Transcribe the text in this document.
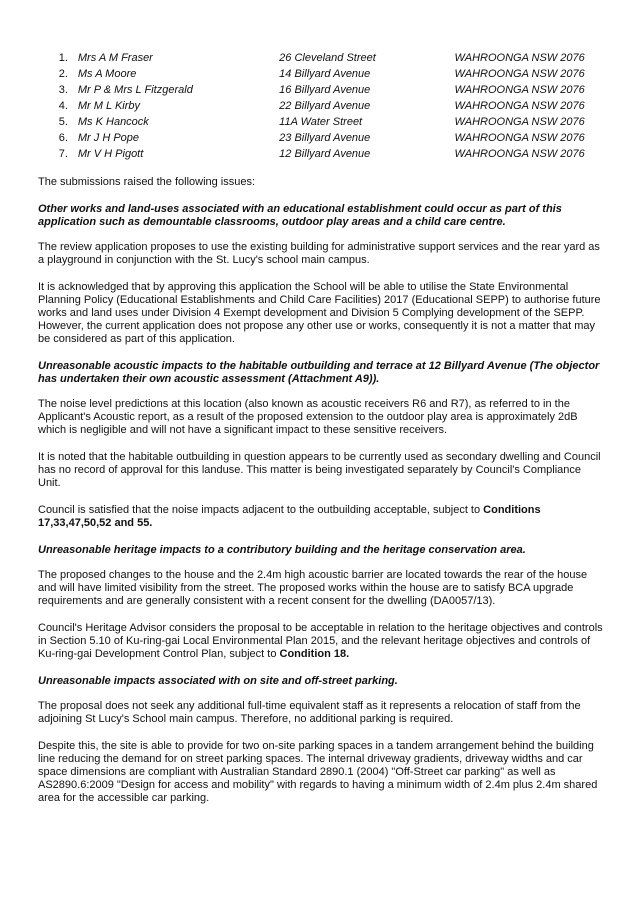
1. Mrs A M Fraser	26 Cleveland Street	WAHROONGA NSW 2076
2. Ms A Moore	14 Billyard Avenue	WAHROONGA NSW 2076
3. Mr P & Mrs L Fitzgerald	16 Billyard Avenue	WAHROONGA NSW 2076
4. Mr M L Kirby	22 Billyard Avenue	WAHROONGA NSW 2076
5. Ms K Hancock	11A Water Street	WAHROONGA NSW 2076
6. Mr J H Pope	23 Billyard Avenue	WAHROONGA NSW 2076
7. Mr V H Pigott	12 Billyard Avenue	WAHROONGA NSW 2076

The submissions raised the following issues:

Other works and land-uses associated with an educational establishment could occur as part of this application such as demountable classrooms, outdoor play areas and a child care centre.

The review application proposes to use the existing building for administrative support services and the rear yard as a playground in conjunction with the St. Lucy's school main campus.

It is acknowledged that by approving this application the School will be able to utilise the State Environmental Planning Policy (Educational Establishments and Child Care Facilities) 2017 (Educational SEPP) to authorise future works and land uses under Division 4 Exempt development and Division 5 Complying development of the SEPP. However, the current application does not propose any other use or works, consequently it is not a matter that may be considered as part of this application.

Unreasonable acoustic impacts to the habitable outbuilding and terrace at 12 Billyard Avenue (The objector has undertaken their own acoustic assessment (Attachment A9)).

The noise level predictions at this location (also known as acoustic receivers R6 and R7), as referred to in the Applicant's Acoustic report, as a result of the proposed extension to the outdoor play area is approximately 2dB which is negligible and will not have a significant impact to these sensitive receivers.

It is noted that the habitable outbuilding in question appears to be currently used as secondary dwelling and Council has no record of approval for this landuse. This matter is being investigated separately by Council's Compliance Unit.

Council is satisfied that the noise impacts adjacent to the outbuilding acceptable, subject to Conditions 17,33,47,50,52 and 55.

Unreasonable heritage impacts to a contributory building and the heritage conservation area.

The proposed changes to the house and the 2.4m high acoustic barrier are located towards the rear of the house and will have limited visibility from the street. The proposed works within the house are to satisfy BCA upgrade requirements and are generally consistent with a recent consent for the dwelling (DA0057/13).

Council's Heritage Advisor considers the proposal to be acceptable in relation to the heritage objectives and controls in Section 5.10 of Ku-ring-gai Local Environmental Plan 2015, and the relevant heritage objectives and controls of Ku-ring-gai Development Control Plan, subject to Condition 18.

Unreasonable impacts associated with on site and off-street parking.

The proposal does not seek any additional full-time equivalent staff as it represents a relocation of staff from the adjoining St Lucy's School main campus. Therefore, no additional parking is required.

Despite this, the site is able to provide for two on-site parking spaces in a tandem arrangement behind the building line reducing the demand for on street parking spaces. The internal driveway gradients, driveway widths and car space dimensions are compliant with Australian Standard 2890.1 (2004) "Off-Street car parking" as well as AS2890.6:2009 "Design for access and mobility" with regards to having a minimum width of 2.4m plus 2.4m shared area for the accessible car parking.
